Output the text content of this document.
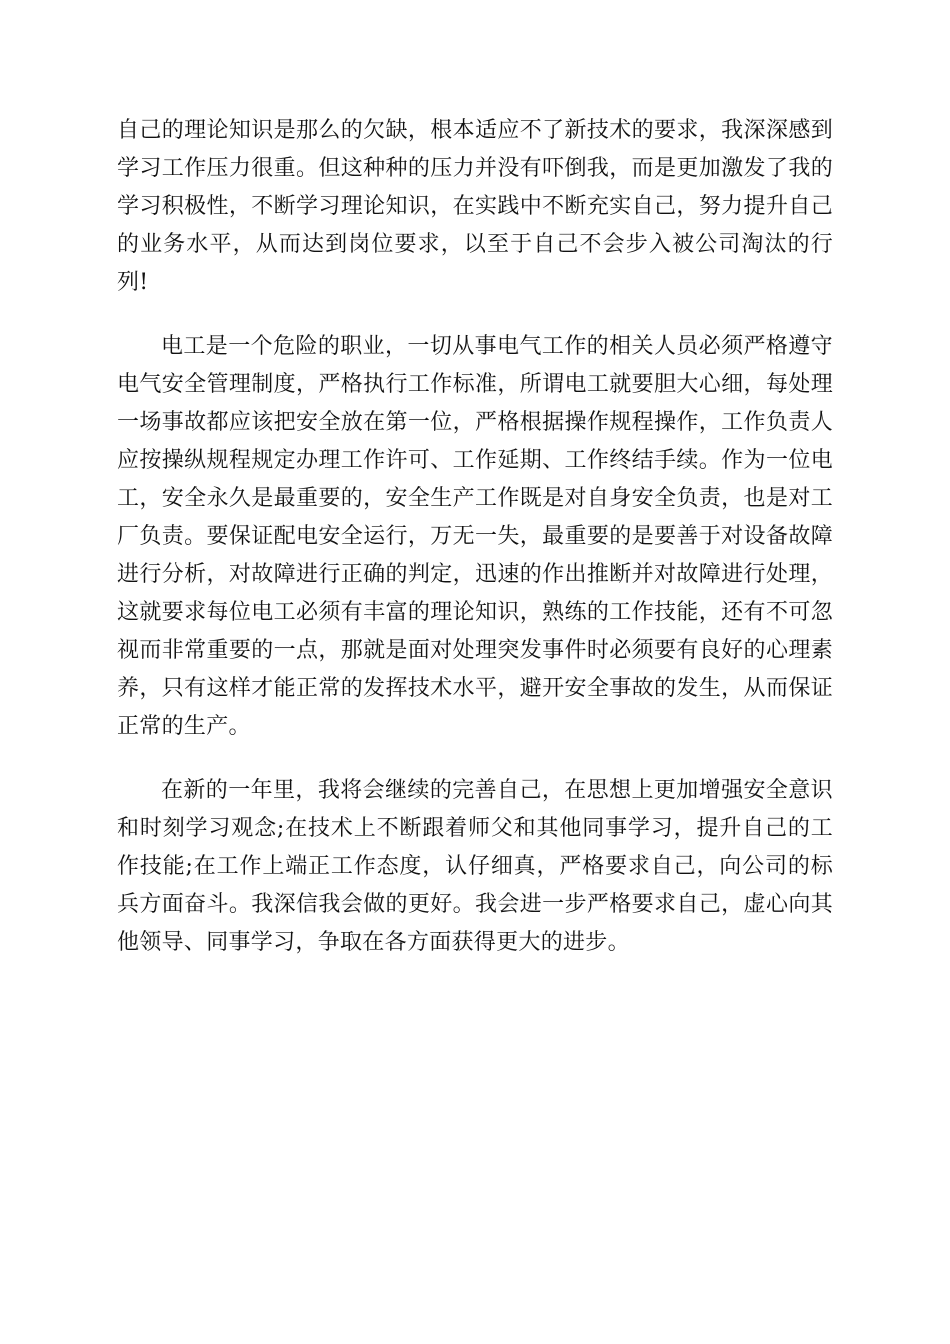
自己的理论知识是那么的欠缺，根本适应不了新技术的要求，我深深感到学习工作压力很重。但这种种的压力并没有吓倒我，而是更加激发了我的学习积极性，不断学习理论知识，在实践中不断充实自己，努力提升自己的业务水平，从而达到岗位要求，以至于自己不会步入被公司淘汰的行列!

电工是一个危险的职业，一切从事电气工作的相关人员必须严格遵守电气安全管理制度，严格执行工作标准，所谓电工就要胆大心细，每处理一场事故都应该把安全放在第一位，严格根据操作规程操作，工作负责人应按操纵规程规定办理工作许可、工作延期、工作终结手续。作为一位电工，安全永久是最重要的，安全生产工作既是对自身安全负责，也是对工厂负责。要保证配电安全运行，万无一失，最重要的是要善于对设备故障进行分析，对故障进行正确的判定，迅速的作出推断并对故障进行处理，这就要求每位电工必须有丰富的理论知识，熟练的工作技能，还有不可忽视而非常重要的一点，那就是面对处理突发事件时必须要有良好的心理素养，只有这样才能正常的发挥技术水平，避开安全事故的发生，从而保证正常的生产。

在新的一年里，我将会继续的完善自己，在思想上更加增强安全意识和时刻学习观念;在技术上不断跟着师父和其他同事学习，提升自己的工作技能;在工作上端正工作态度，认仔细真，严格要求自己，向公司的标兵方面奋斗。我深信我会做的更好。我会进一步严格要求自己，虚心向其他领导、同事学习，争取在各方面获得更大的进步。
